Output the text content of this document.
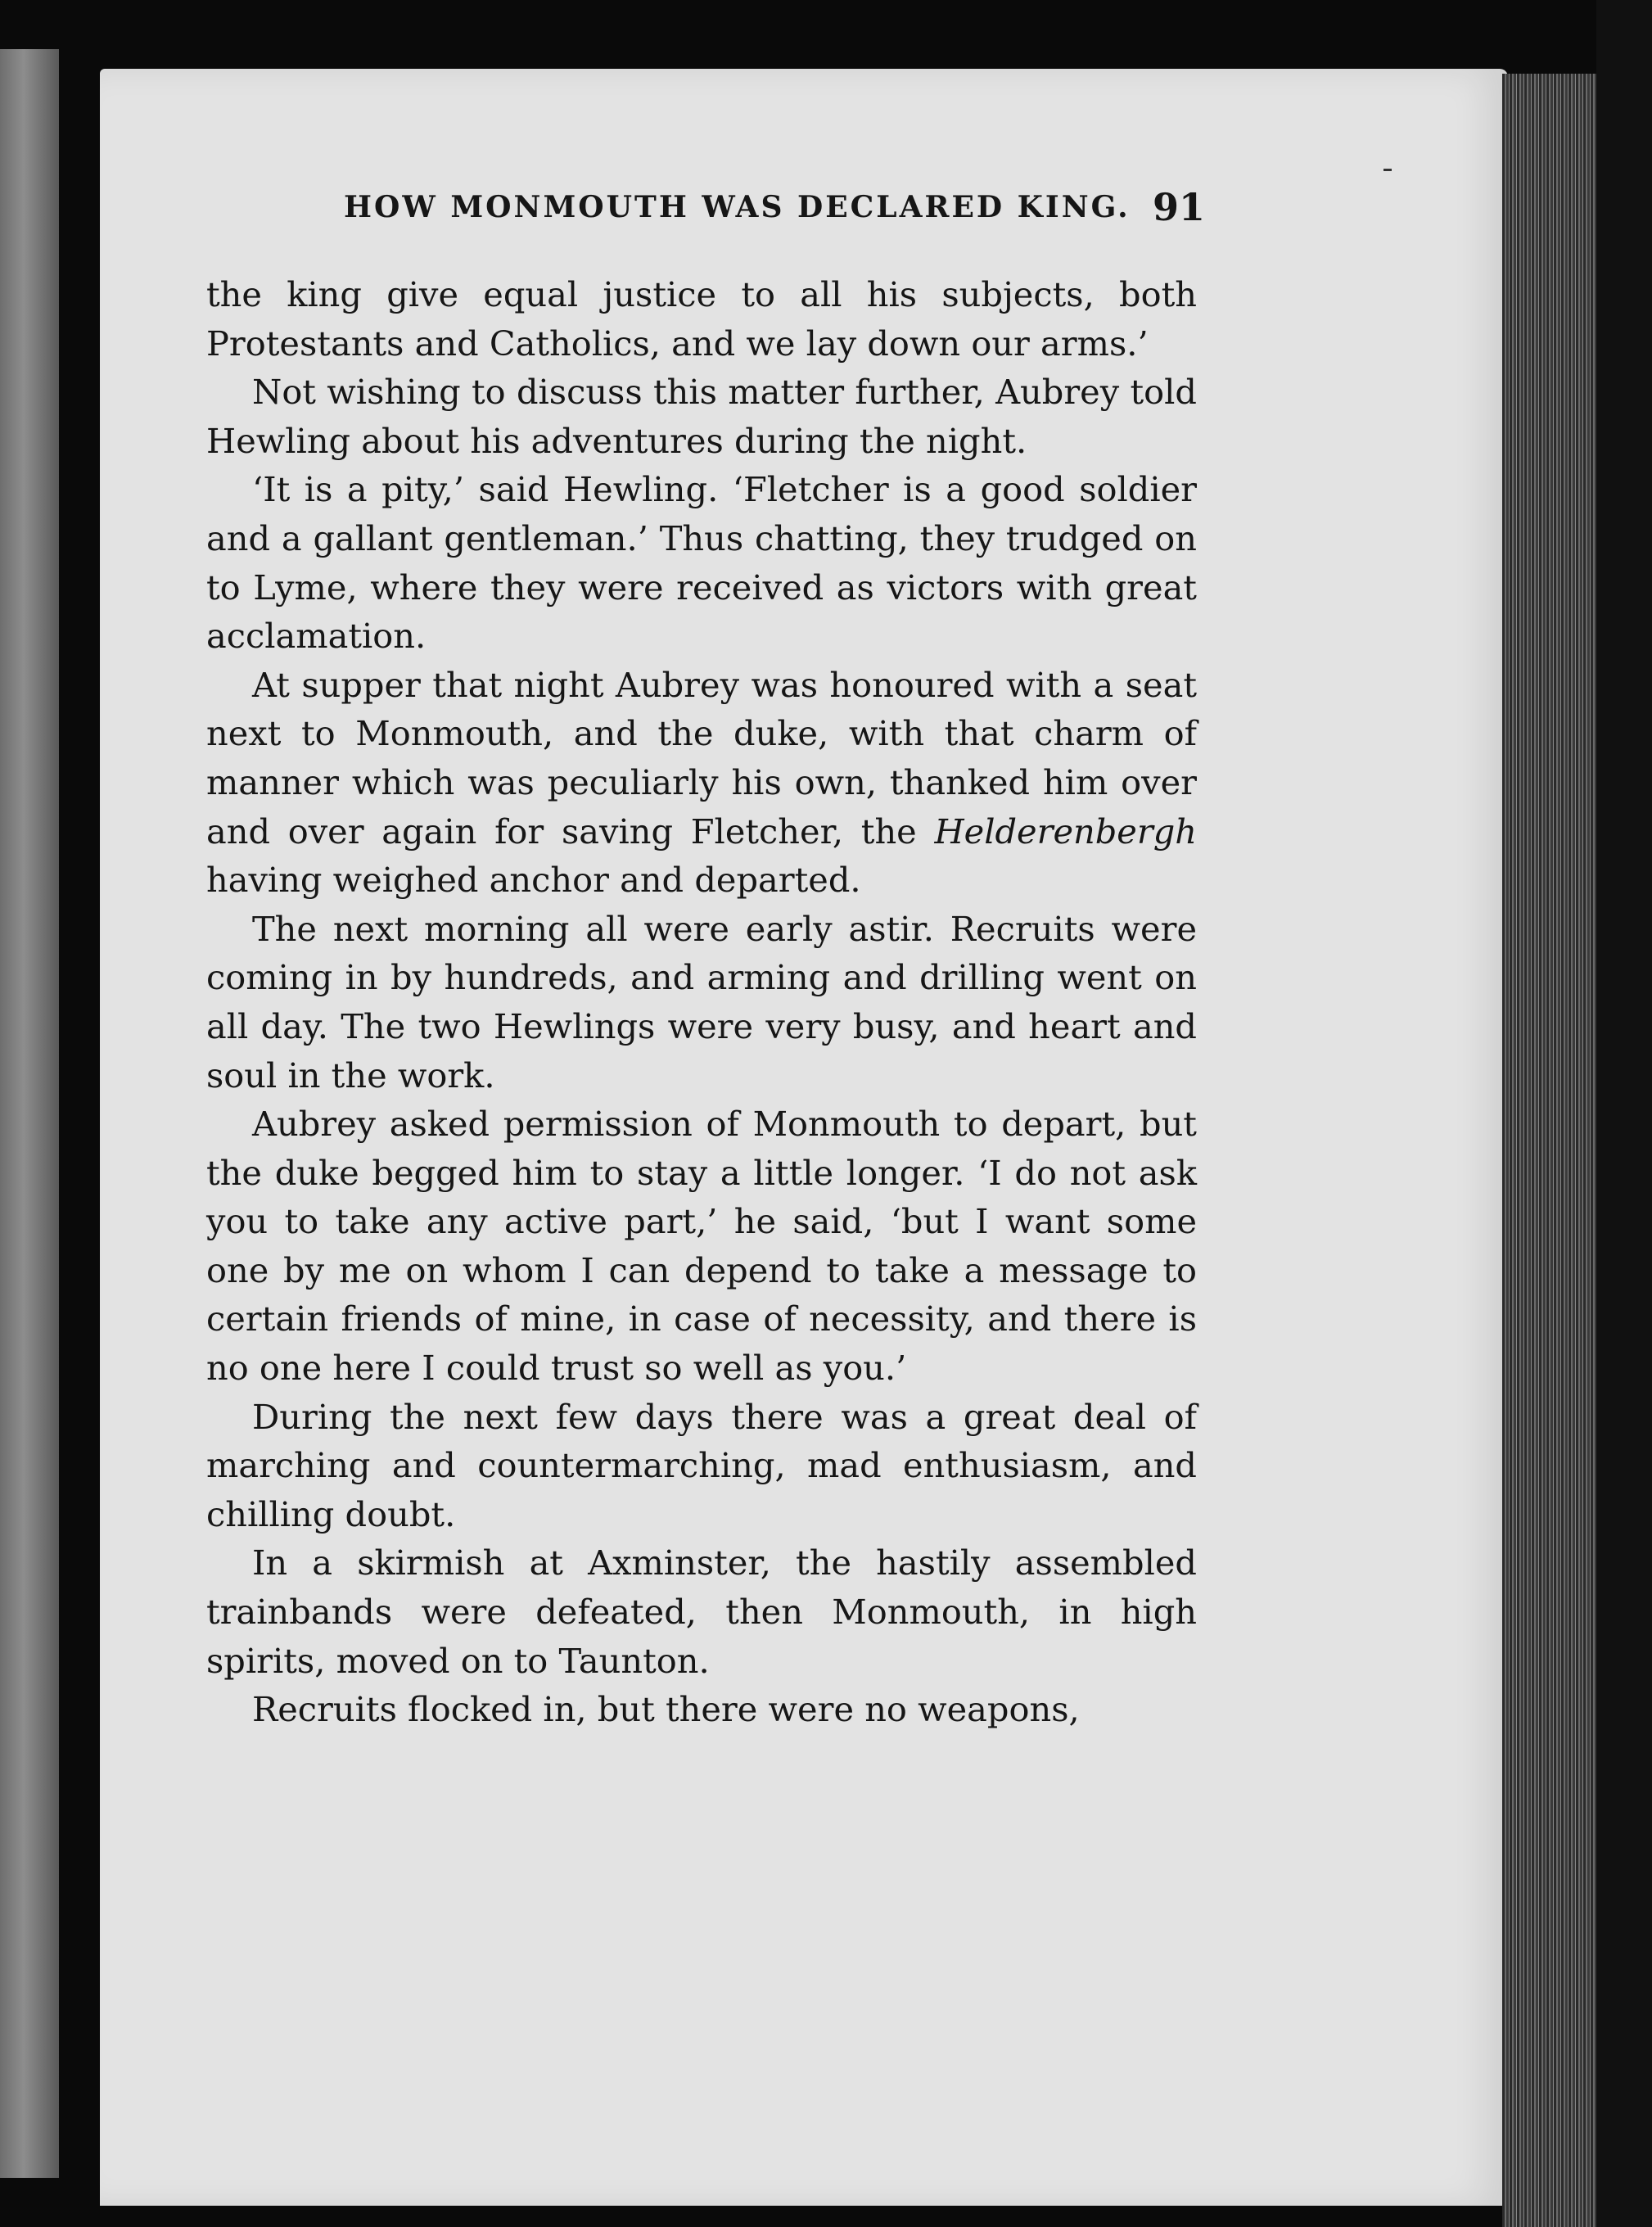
HOW MONMOUTH WAS DECLARED KING. 91

the king give equal justice to all his subjects, both Protestants and Catholics, and we lay down our arms.’

Not wishing to discuss this matter further, Aubrey told Hewling about his adventures during the night.

‘It is a pity,’ said Hewling. ‘Fletcher is a good soldier and a gallant gentleman.’ Thus chatting, they trudged on to Lyme, where they were received as victors with great acclamation.

At supper that night Aubrey was honoured with a seat next to Monmouth, and the duke, with that charm of manner which was peculiarly his own, thanked him over and over again for saving Fletcher, the Helderenbergh having weighed anchor and departed.

The next morning all were early astir. Recruits were coming in by hundreds, and arming and drilling went on all day. The two Hewlings were very busy, and heart and soul in the work.

Aubrey asked permission of Monmouth to depart, but the duke begged him to stay a little longer. ‘I do not ask you to take any active part,’ he said, ‘but I want some one by me on whom I can depend to take a message to certain friends of mine, in case of necessity, and there is no one here I could trust so well as you.’

During the next few days there was a great deal of marching and countermarching, mad enthusiasm, and chilling doubt.

In a skirmish at Axminster, the hastily assembled trainbands were defeated, then Monmouth, in high spirits, moved on to Taunton.

Recruits flocked in, but there were no weapons,
